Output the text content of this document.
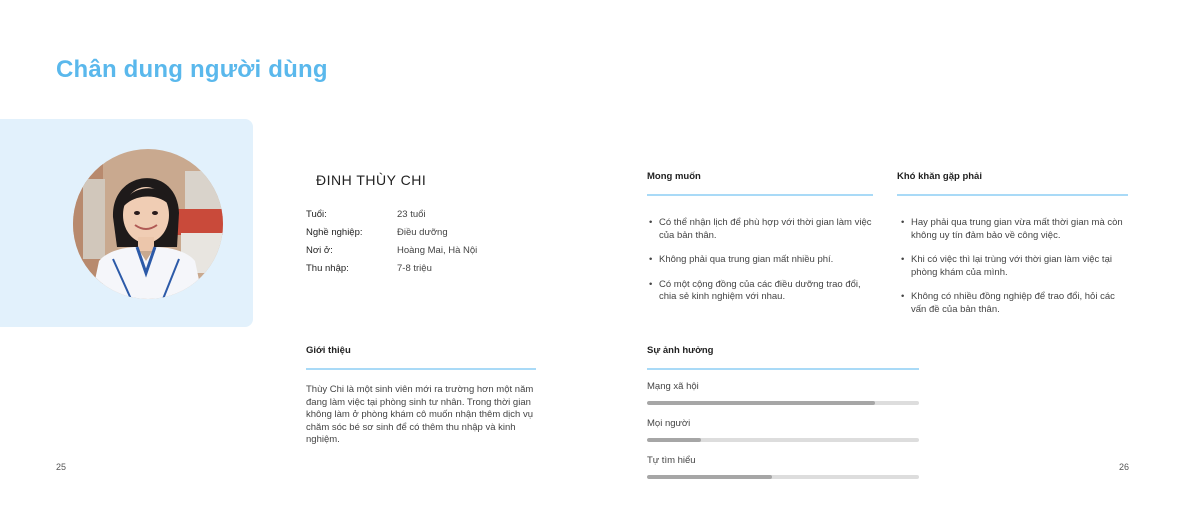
Chân dung người dùng
ĐINH THÙY CHI
Tuổi:	23 tuổi
Nghề nghiệp:	Điều dưỡng
Nơi ở:	Hoàng Mai, Hà Nội
Thu nhập:	7-8 triệu
Giới thiệu
Thùy Chi là một sinh viên mới ra trường hơn một năm đang làm việc tại phòng sinh tư nhân. Trong thời gian không làm ở phòng khám cô muốn nhận thêm dịch vụ chăm sóc bé sơ sinh để có thêm thu nhập và kinh nghiệm.
Mong muốn
• Có thể nhận lịch để phù hợp với thời gian làm việc của bản thân.
• Không phải qua trung gian mất nhiều phí.
• Có một cộng đồng của các điều dưỡng trao đổi, chia sẻ kinh nghiệm với nhau.
Khó khăn gặp phải
• Hay phải qua trung gian vừa mất thời gian mà còn không uy tín đảm bảo về công việc.
• Khi có việc thì lại trùng với thời gian làm việc tại phòng khám của mình.
• Không có nhiều đồng nghiệp để trao đổi, hỏi các vấn đề của bản thân.
Sự ảnh hưởng
Mạng xã hội
Mọi người
Tự tìm hiểu
25	26
